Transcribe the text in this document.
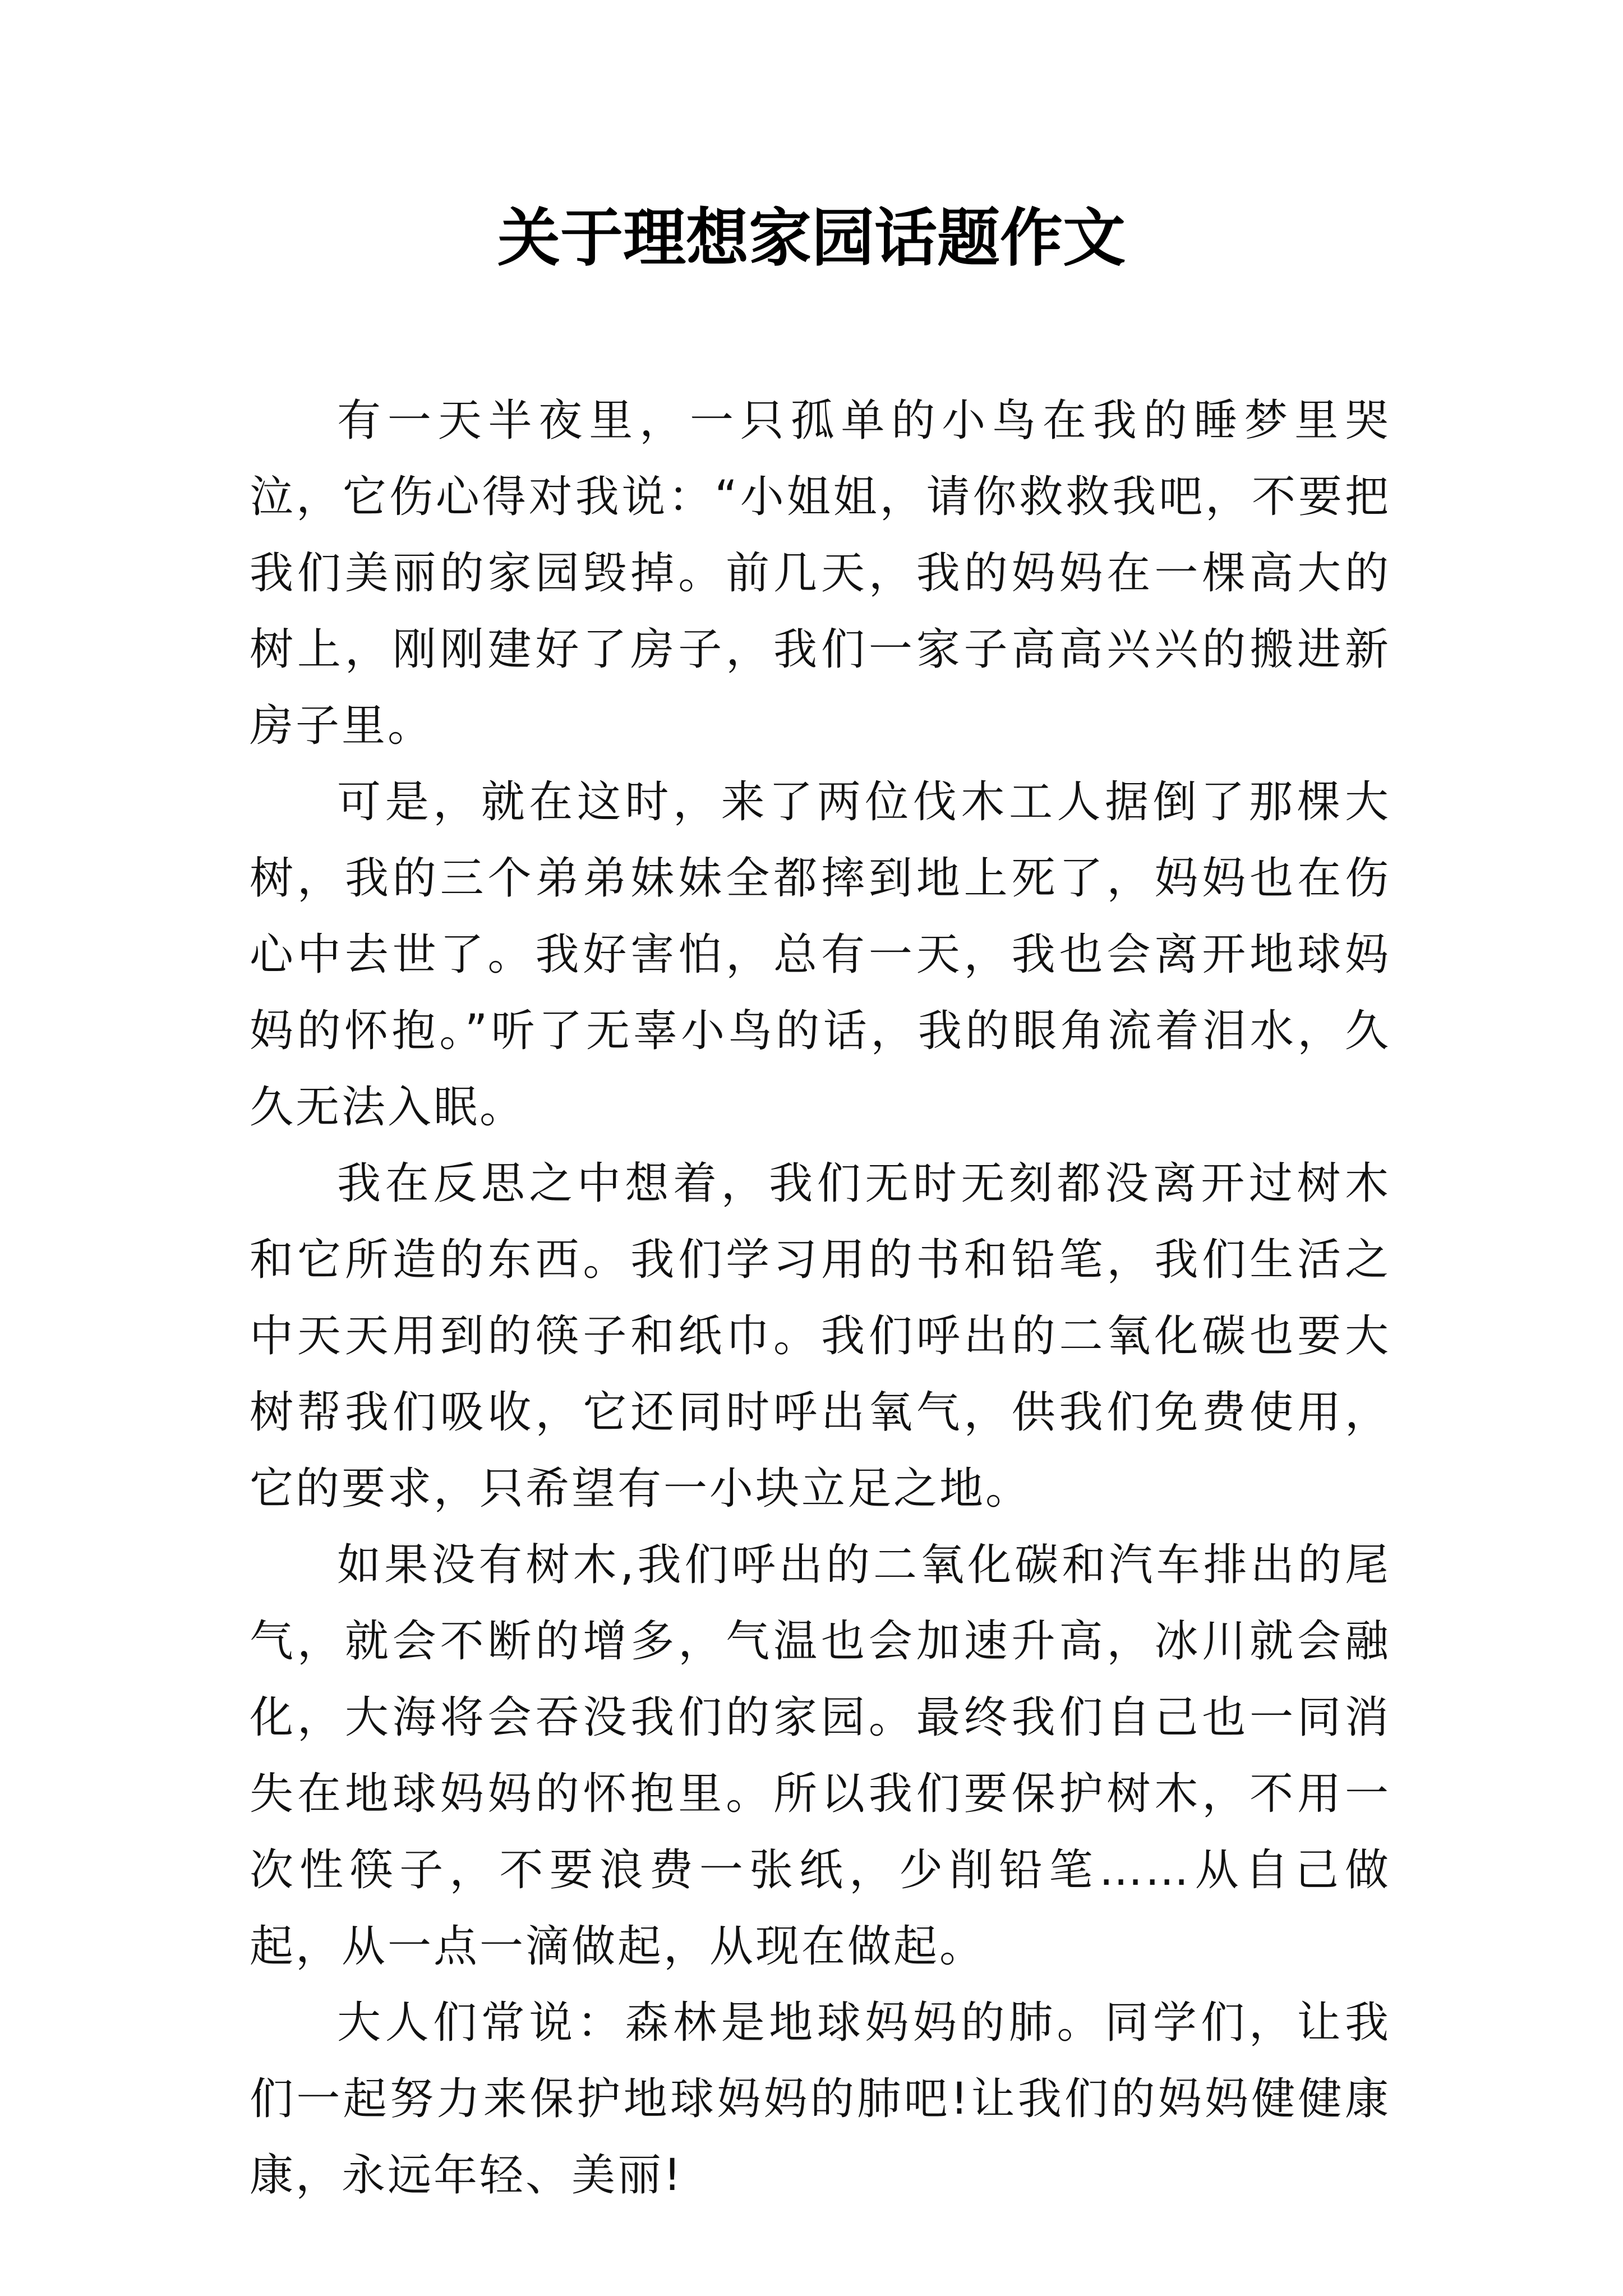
关于理想家园话题作文

有一天半夜里，一只孤单的小鸟在我的睡梦里哭泣，它伤心得对我说：“小姐姐，请你救救我吧，不要把我们美丽的家园毁掉。前几天，我的妈妈在一棵高大的树上，刚刚建好了房子，我们一家子高高兴兴的搬进新房子里。

可是，就在这时，来了两位伐木工人据倒了那棵大树，我的三个弟弟妹妹全都摔到地上死了，妈妈也在伤心中去世了。我好害怕，总有一天，我也会离开地球妈妈的怀抱。”听了无辜小鸟的话，我的眼角流着泪水，久久无法入眠。

我在反思之中想着，我们无时无刻都没离开过树木和它所造的东西。我们学习用的书和铅笔，我们生活之中天天用到的筷子和纸巾。我们呼出的二氧化碳也要大树帮我们吸收，它还同时呼出氧气，供我们免费使用，它的要求，只希望有一小块立足之地。

如果没有树木,我们呼出的二氧化碳和汽车排出的尾气，就会不断的增多，气温也会加速升高，冰川就会融化，大海将会吞没我们的家园。最终我们自己也一同消失在地球妈妈的怀抱里。所以我们要保护树木，不用一次性筷子，不要浪费一张纸，少削铅笔……从自己做起，从一点一滴做起，从现在做起。

大人们常说：森林是地球妈妈的肺。同学们，让我们一起努力来保护地球妈妈的肺吧!让我们的妈妈健健康康，永远年轻、美丽!
